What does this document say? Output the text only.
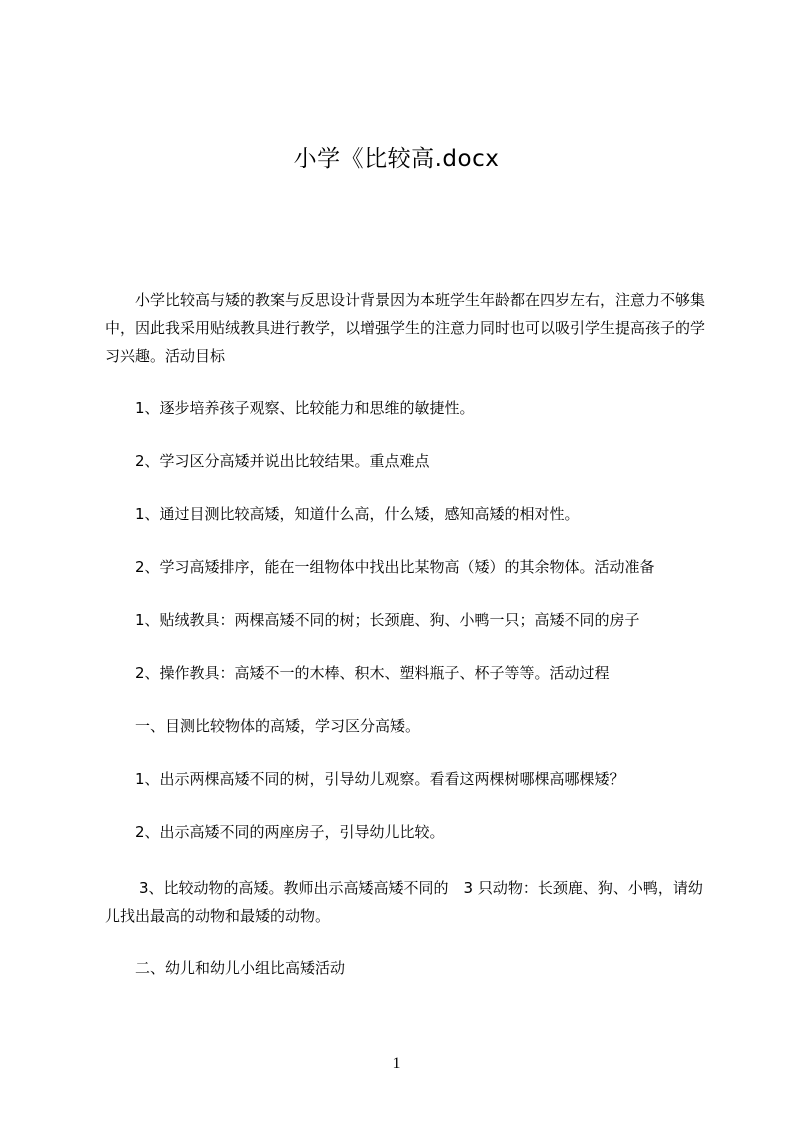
小学《比较高.docx
小学比较高与矮的教案与反思设计背景因为本班学生年龄都在四岁左右，注意力不够集中，因此我采用贴绒教具进行教学，以增强学生的注意力同时也可以吸引学生提高孩子的学习兴趣。活动目标
1、逐步培养孩子观察、比较能力和思维的敏捷性。
2、学习区分高矮并说出比较结果。重点难点
1、通过目测比较高矮，知道什么高，什么矮，感知高矮的相对性。
2、学习高矮排序，能在一组物体中找出比某物高（矮）的其余物体。活动准备
1、贴绒教具：两棵高矮不同的树；长颈鹿、狗、小鸭一只；高矮不同的房子
2、操作教具：高矮不一的木棒、积木、塑料瓶子、杯子等等。活动过程
一、目测比较物体的高矮，学习区分高矮。
1、出示两棵高矮不同的树，引导幼儿观察。看看这两棵树哪棵高哪棵矮？
2、出示高矮不同的两座房子，引导幼儿比较。
3、比较动物的高矮。教师出示高矮高矮不同的　3 只动物：长颈鹿、狗、小鸭，请幼儿找出最高的动物和最矮的动物。
二、幼儿和幼儿小组比高矮活动
1
